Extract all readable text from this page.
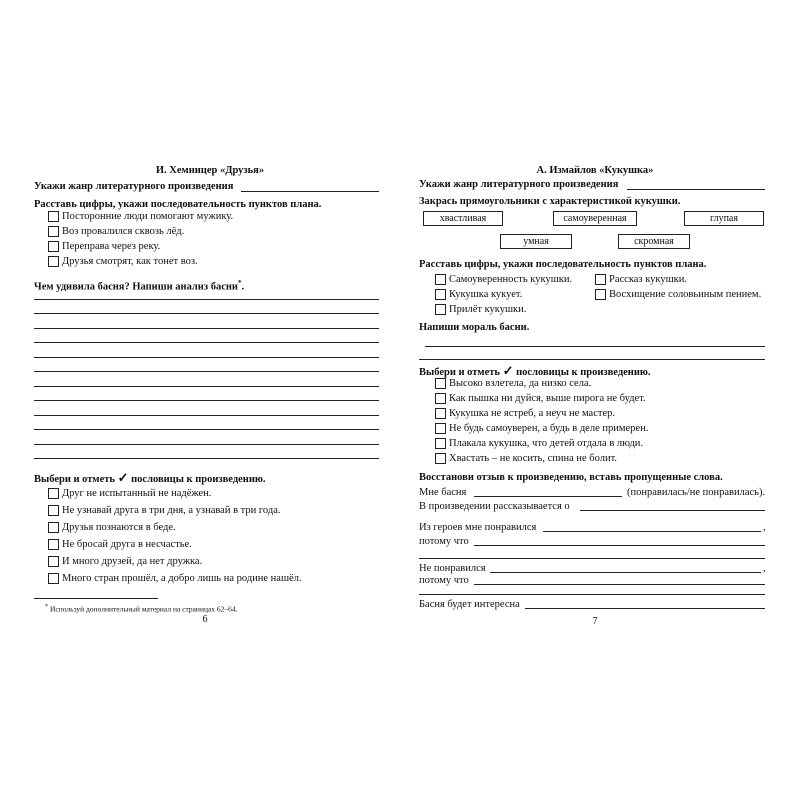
И. Хемницер «Друзья»
Укажи жанр литературного произведения
Расставь цифры, укажи последовательность пунктов плана.
Посторонние люди помогают мужику.
Воз провалился сквозь лёд.
Переправа через реку.
Друзья смотрят, как тонет воз.
Чем удивила басня? Напиши анализ басни*.
Выбери и отметь ✓ пословицы к произведению.
Друг не испытанный не надёжен.
Не узнавай друга в три дня, а узнавай в три года.
Друзья познаются в беде.
Не бросай друга в несчастье.
И много друзей, да нет дружка.
Много стран прошёл, а добро лишь на родине нашёл.
* Используй дополнительный материал на страницах 62–64.
6
А. Измайлов «Кукушка»
Укажи жанр литературного произведения
Закрась прямоугольники с характеристикой кукушки.
хвастливая	самоуверенная	глупая
умная	скромная
Расставь цифры, укажи последовательность пунктов плана.
Самоуверенность кукушки.	Рассказ кукушки.
Кукушка кукует.	Восхищение соловьиным пением.
Прилёт кукушки.
Напиши мораль басни.
Выбери и отметь ✓ пословицы к произведению.
Высоко взлетела, да низко села.
Как пышка ни дуйся, выше пирога не будет.
Кукушка не ястреб, а неуч не мастер.
Не будь самоуверен, а будь в деле примерен.
Плакала кукушка, что детей отдала в люди.
Хвастать – не косить, спина не болит.
Восстанови отзыв к произведению, вставь пропущенные слова.
Мне басня	(понравилась/не понравилась).
В произведении рассказывается о
Из героев мне понравился	,
потому что
Не понравился	,
потому что
Басня будет интересна
7
